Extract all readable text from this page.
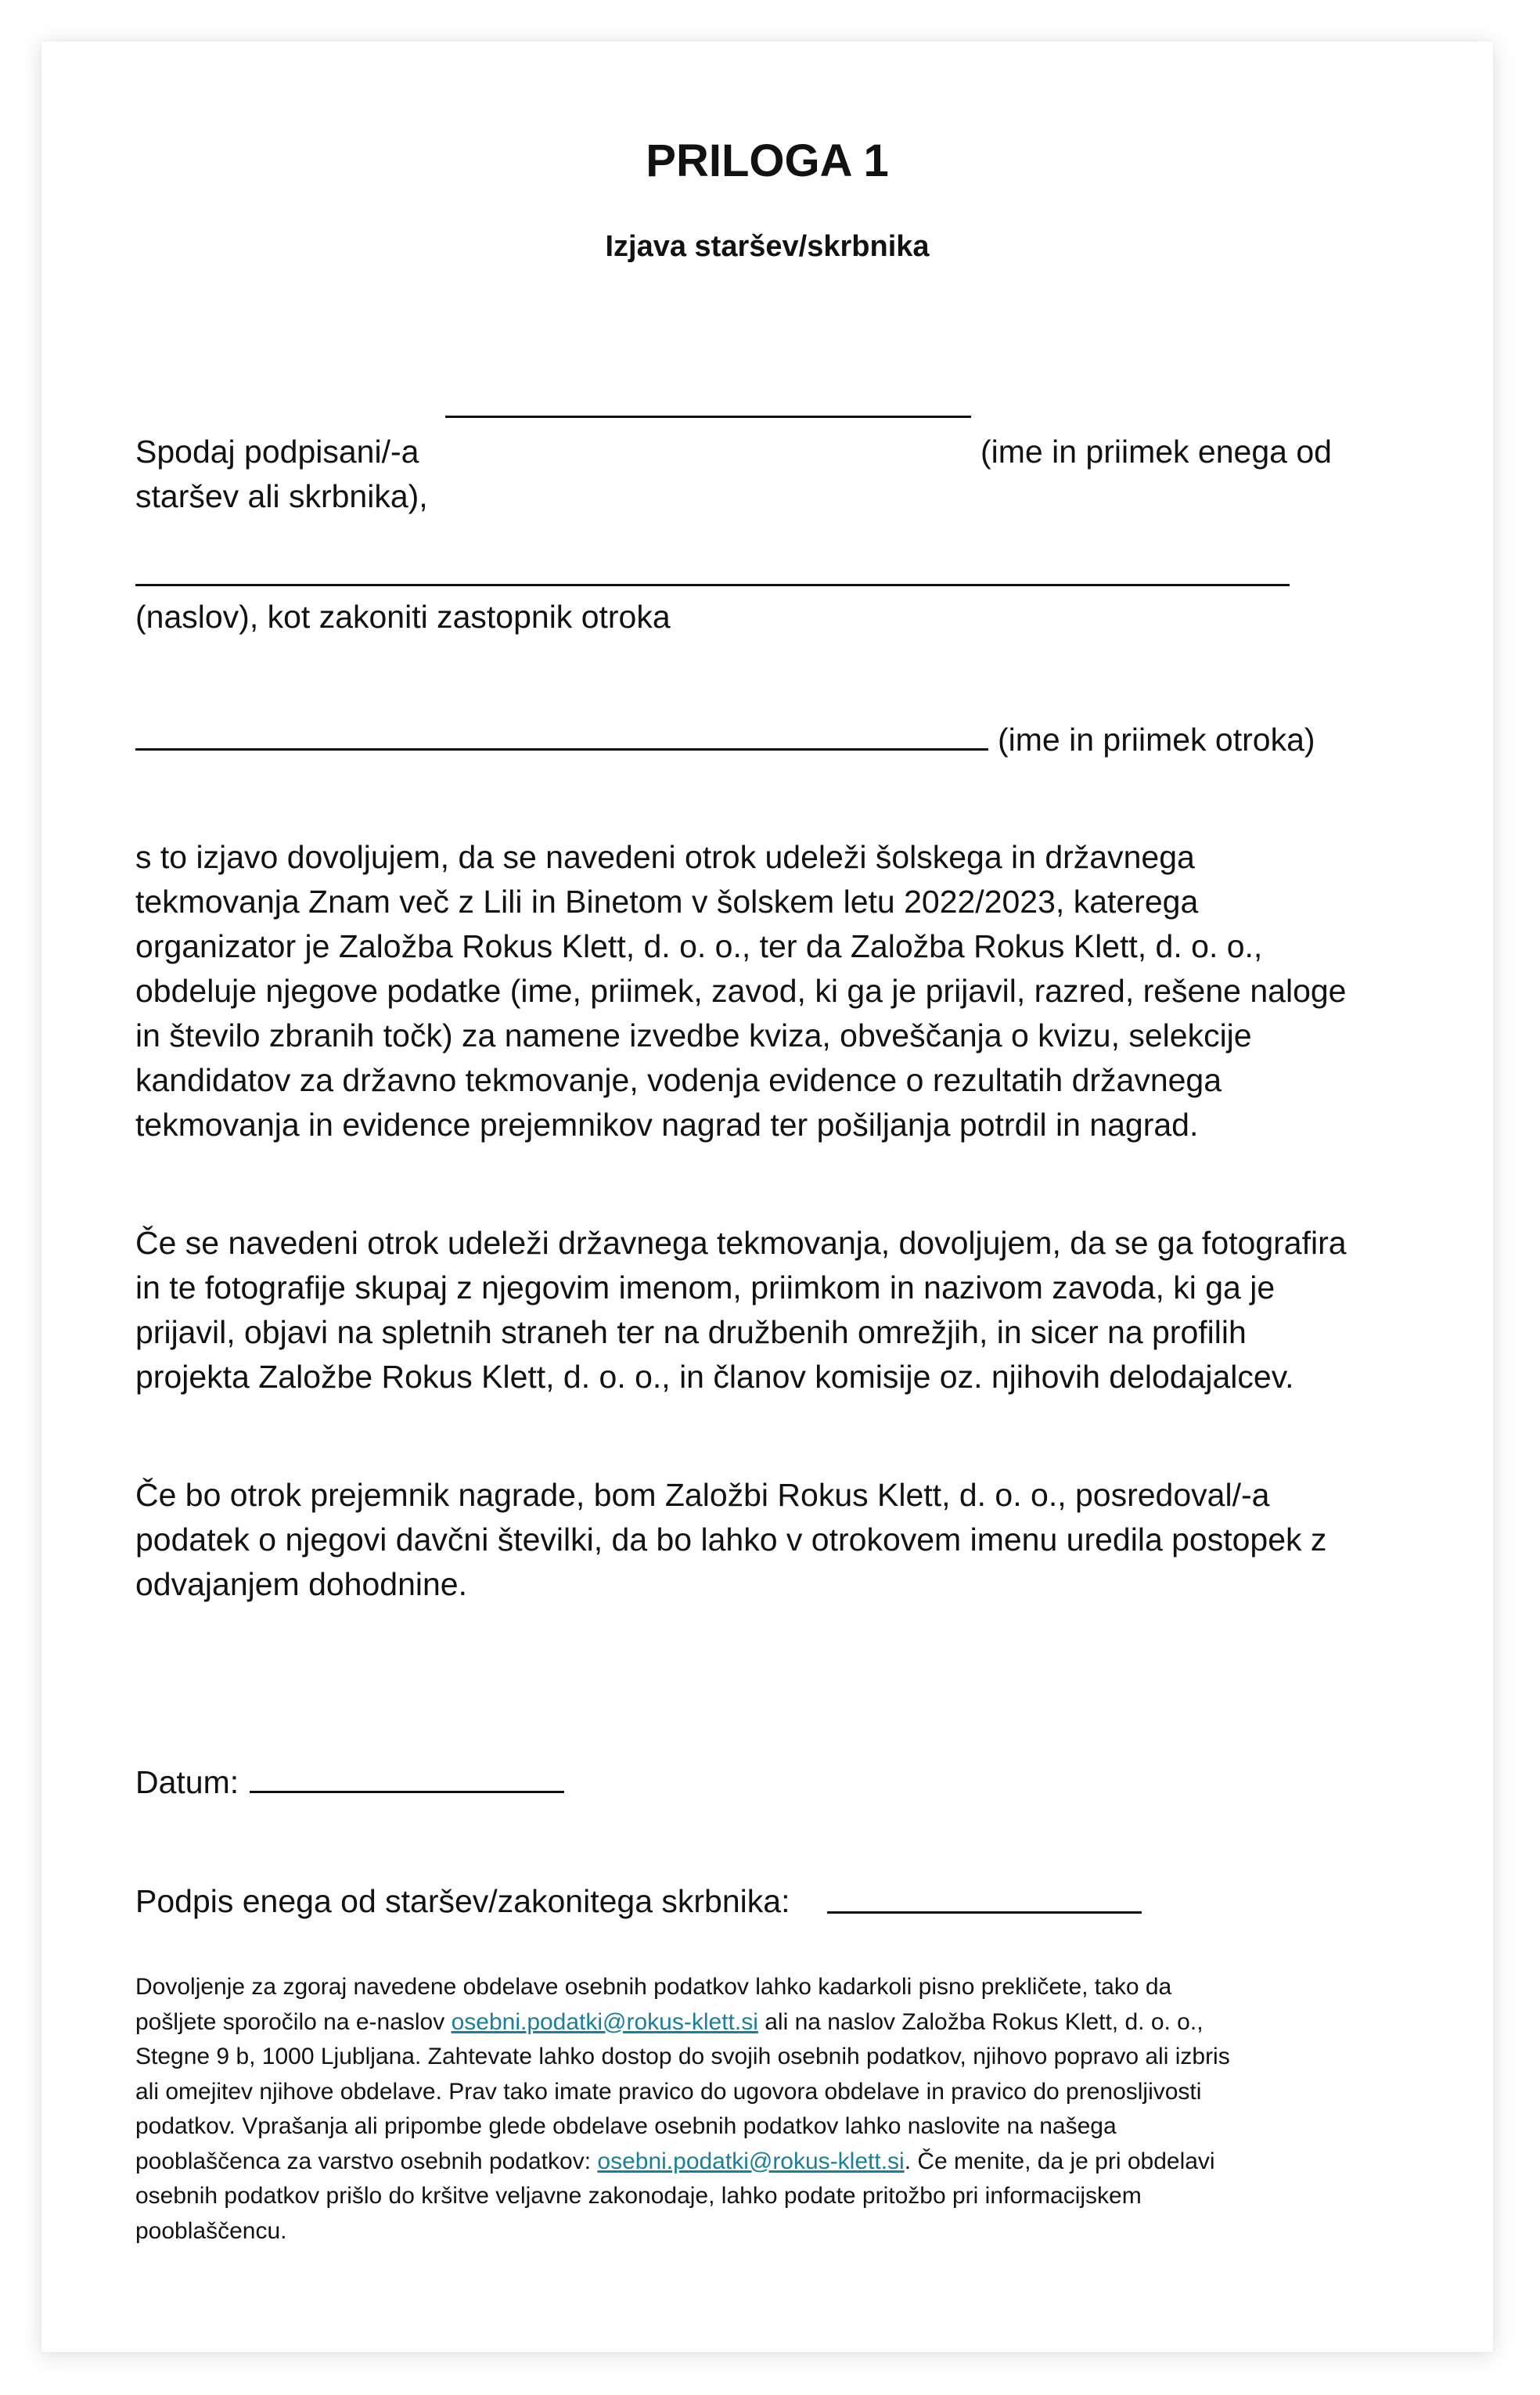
PRILOGA 1
Izjava staršev/skrbnika
Spodaj podpisani/-a	(ime in priimek enega od
staršev ali skrbnika),
(naslov), kot zakoniti zastopnik otroka
(ime in priimek otroka)
s to izjavo dovoljujem, da se navedeni otrok udeleži šolskega in državnega
tekmovanja Znam več z Lili in Binetom v šolskem letu 2022/2023, katerega
organizator je Založba Rokus Klett, d. o. o., ter da Založba Rokus Klett, d. o. o.,
obdeluje njegove podatke (ime, priimek, zavod, ki ga je prijavil, razred, rešene naloge
in število zbranih točk) za namene izvedbe kviza, obveščanja o kvizu, selekcije
kandidatov za državno tekmovanje, vodenja evidence o rezultatih državnega
tekmovanja in evidence prejemnikov nagrad ter pošiljanja potrdil in nagrad.
Če se navedeni otrok udeleži državnega tekmovanja, dovoljujem, da se ga fotografira
in te fotografije skupaj z njegovim imenom, priimkom in nazivom zavoda, ki ga je
prijavil, objavi na spletnih straneh ter na družbenih omrežjih, in sicer na profilih
projekta Založbe Rokus Klett, d. o. o., in članov komisije oz. njihovih delodajalcev.
Če bo otrok prejemnik nagrade, bom Založbi Rokus Klett, d. o. o., posredoval/-a
podatek o njegovi davčni številki, da bo lahko v otrokovem imenu uredila postopek z
odvajanjem dohodnine.
Datum:
Podpis enega od staršev/zakonitega skrbnika:
Dovoljenje za zgoraj navedene obdelave osebnih podatkov lahko kadarkoli pisno prekličete, tako da
pošljete sporočilo na e-naslov osebni.podatki@rokus-klett.si ali na naslov Založba Rokus Klett, d. o. o.,
Stegne 9 b, 1000 Ljubljana. Zahtevate lahko dostop do svojih osebnih podatkov, njihovo popravo ali izbris
ali omejitev njihove obdelave. Prav tako imate pravico do ugovora obdelave in pravico do prenosljivosti
podatkov. Vprašanja ali pripombe glede obdelave osebnih podatkov lahko naslovite na našega
pooblaščenca za varstvo osebnih podatkov: osebni.podatki@rokus-klett.si. Če menite, da je pri obdelavi
osebnih podatkov prišlo do kršitve veljavne zakonodaje, lahko podate pritožbo pri informacijskem
pooblaščencu.
